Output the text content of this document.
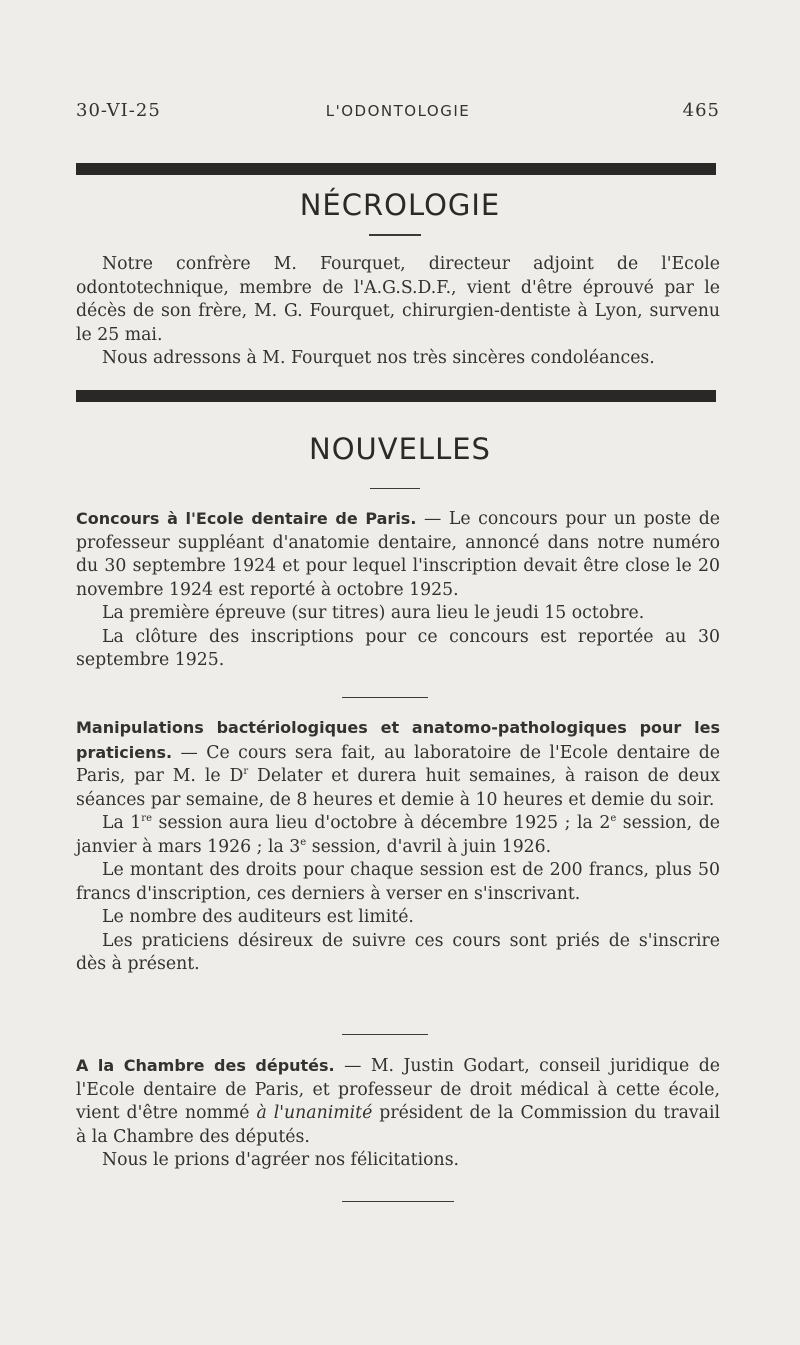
30-VI-25	L'ODONTOLOGIE	465
NÉCROLOGIE

Notre confrère M. Fourquet, directeur adjoint de l'Ecole odontotechnique, membre de l'A.G.S.D.F., vient d'être éprouvé par le décès de son frère, M. G. Fourquet, chirurgien-dentiste à Lyon, survenu le 25 mai.

Nous adressons à M. Fourquet nos très sincères condoléances.

NOUVELLES

Concours à l'Ecole dentaire de Paris. — Le concours pour un poste de professeur suppléant d'anatomie dentaire, annoncé dans notre numéro du 30 septembre 1924 et pour lequel l'inscription devait être close le 20 novembre 1924 est reporté à octobre 1925.

La première épreuve (sur titres) aura lieu le jeudi 15 octobre.

La clôture des inscriptions pour ce concours est reportée au 30 septembre 1925.

Manipulations bactériologiques et anatomo-pathologiques pour les praticiens. — Ce cours sera fait, au laboratoire de l'Ecole dentaire de Paris, par M. le $D^r$ Delater et durera huit semaines, à raison de deux séances par semaine, de 8 heures et demie à 10 heures et demie du soir.

La 1re session aura lieu d'octobre à décembre 1925 ; la 2e session, de janvier à mars 1926 ; la 3e session, d'avril à juin 1926.

Le montant des droits pour chaque session est de 200 francs, plus 50 francs d'inscription, ces derniers à verser en s'inscrivant.

Le nombre des auditeurs est limité.

Les praticiens désireux de suivre ces cours sont priés de s'inscrire dès à présent.

A la Chambre des députés. — M. Justin Godart, conseil juridique de l'Ecole dentaire de Paris, et professeur de droit médical à cette école, vient d'être nommé à l'unanimité président de la Commission du travail à la Chambre des députés.

Nous le prions d'agréer nos félicitations.
